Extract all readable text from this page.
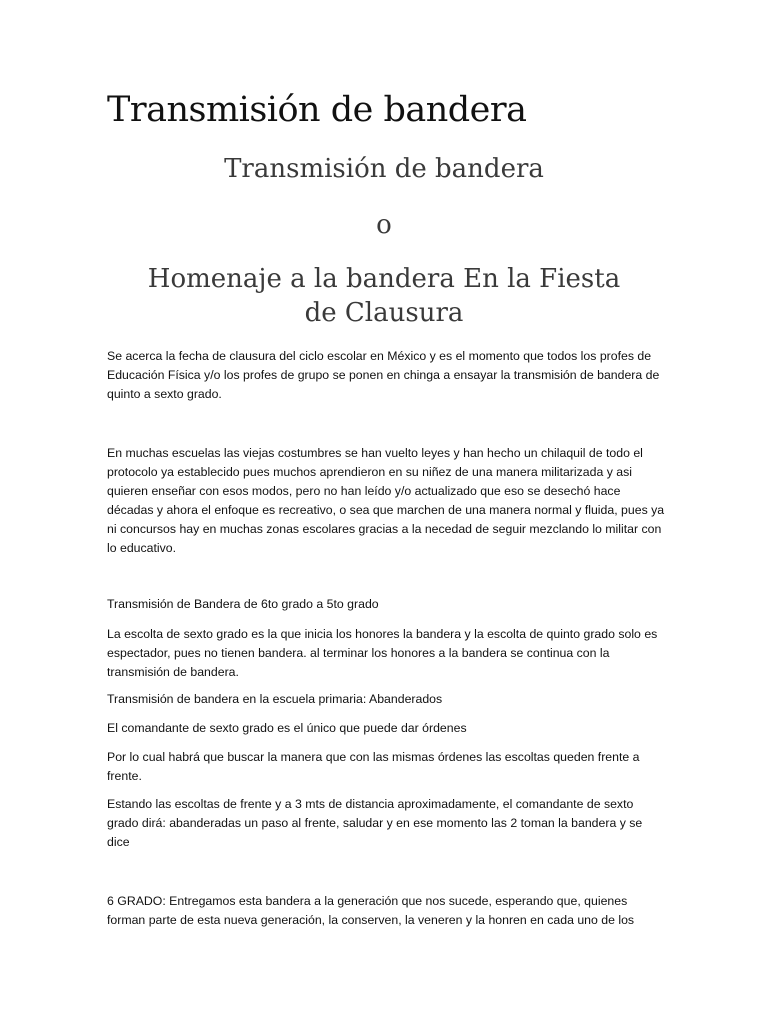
Transmisión de bandera
Transmisión de bandera
o
Homenaje a la bandera En la Fiesta de Clausura

Se acerca la fecha de clausura del ciclo escolar en México y es el momento que todos los profes de Educación Física y/o los profes de grupo se ponen en chinga a ensayar la transmisión de bandera de quinto a sexto grado.

En muchas escuelas las viejas costumbres se han vuelto leyes y han hecho un chilaquil de todo el protocolo ya establecido pues muchos aprendieron en su niñez de una manera militarizada y asi quieren enseñar con esos modos, pero no han leído y/o actualizado que eso se desechó hace décadas y ahora el enfoque es recreativo, o sea que marchen de una manera normal y fluida, pues ya ni concursos hay en muchas zonas escolares gracias a la necedad de seguir mezclando lo militar con lo educativo.

Transmisión de Bandera de 6to grado a 5to grado

La escolta de sexto grado es la que inicia los honores la bandera y la escolta de quinto grado solo es espectador, pues no tienen bandera. al terminar los honores a la bandera se continua con la transmisión de bandera.

Transmisión de bandera en la escuela primaria: Abanderados

El comandante de sexto grado es el único que puede dar órdenes

Por lo cual habrá que buscar la manera que con las mismas órdenes las escoltas queden frente a frente.

Estando las escoltas de frente y a 3 mts de distancia aproximadamente, el comandante de sexto grado dirá: abanderadas un paso al frente, saludar y en ese momento las 2 toman la bandera y se dice

6 GRADO: Entregamos esta bandera a la generación que nos sucede, esperando que, quienes forman parte de esta nueva generación, la conserven, la veneren y la honren en cada uno de los
